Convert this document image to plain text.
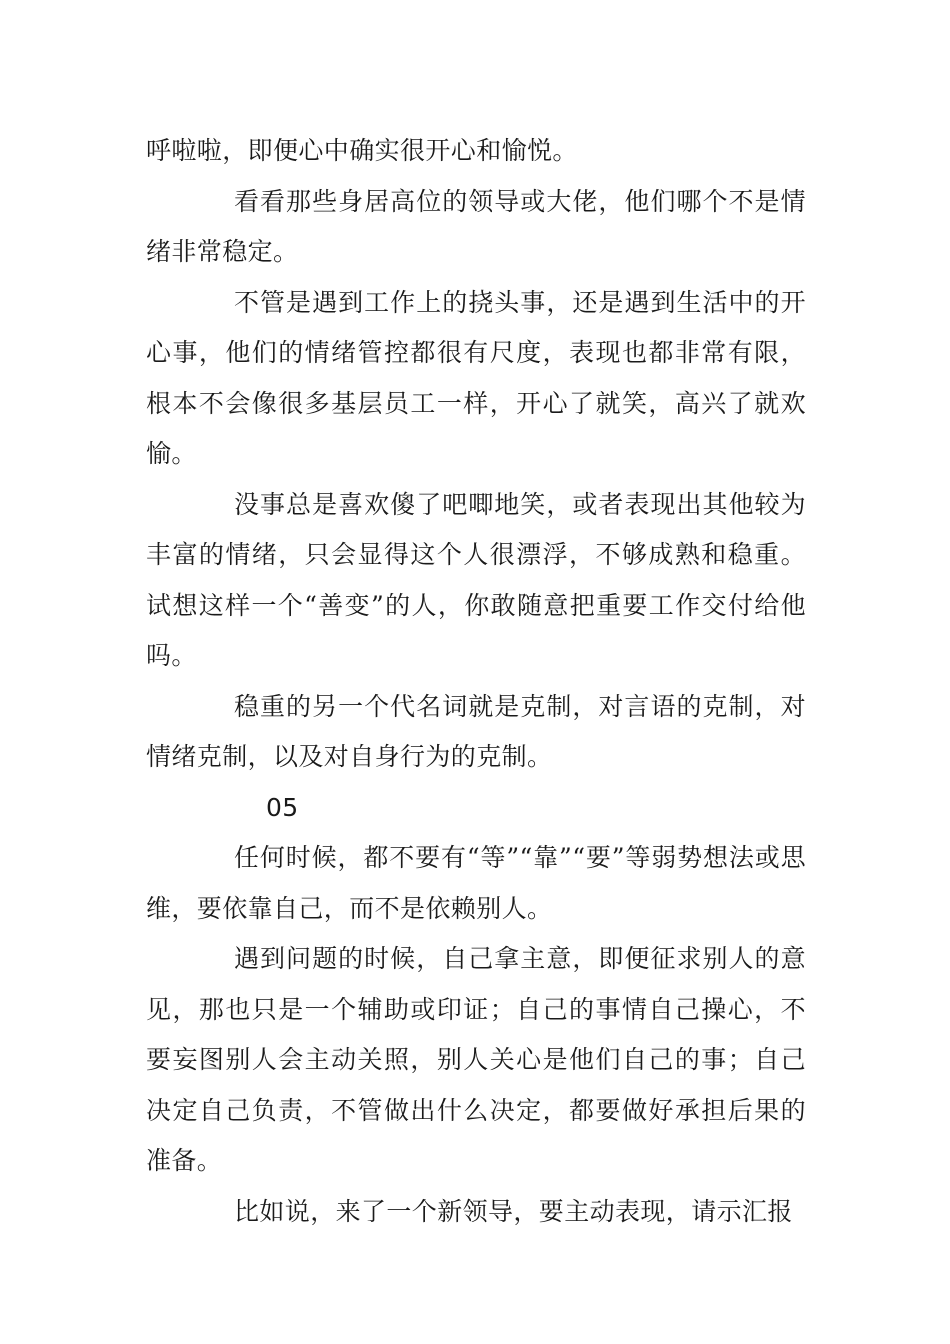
呼啦啦，即便心中确实很开心和愉悦。

看看那些身居高位的领导或大佬，他们哪个不是情绪非常稳定。

不管是遇到工作上的挠头事，还是遇到生活中的开心事，他们的情绪管控都很有尺度，表现也都非常有限，根本不会像很多基层员工一样，开心了就笑，高兴了就欢愉。

没事总是喜欢傻了吧唧地笑，或者表现出其他较为丰富的情绪，只会显得这个人很漂浮，不够成熟和稳重。试想这样一个“善变”的人，你敢随意把重要工作交付给他吗。

稳重的另一个代名词就是克制，对言语的克制，对情绪克制，以及对自身行为的克制。

05

任何时候，都不要有“等”“靠”“要”等弱势想法或思维，要依靠自己，而不是依赖别人。

遇到问题的时候，自己拿主意，即便征求别人的意见，那也只是一个辅助或印证；自己的事情自己操心，不要妄图别人会主动关照，别人关心是他们自己的事；自己决定自己负责，不管做出什么决定，都要做好承担后果的准备。

比如说，来了一个新领导，要主动表现，请示汇报
